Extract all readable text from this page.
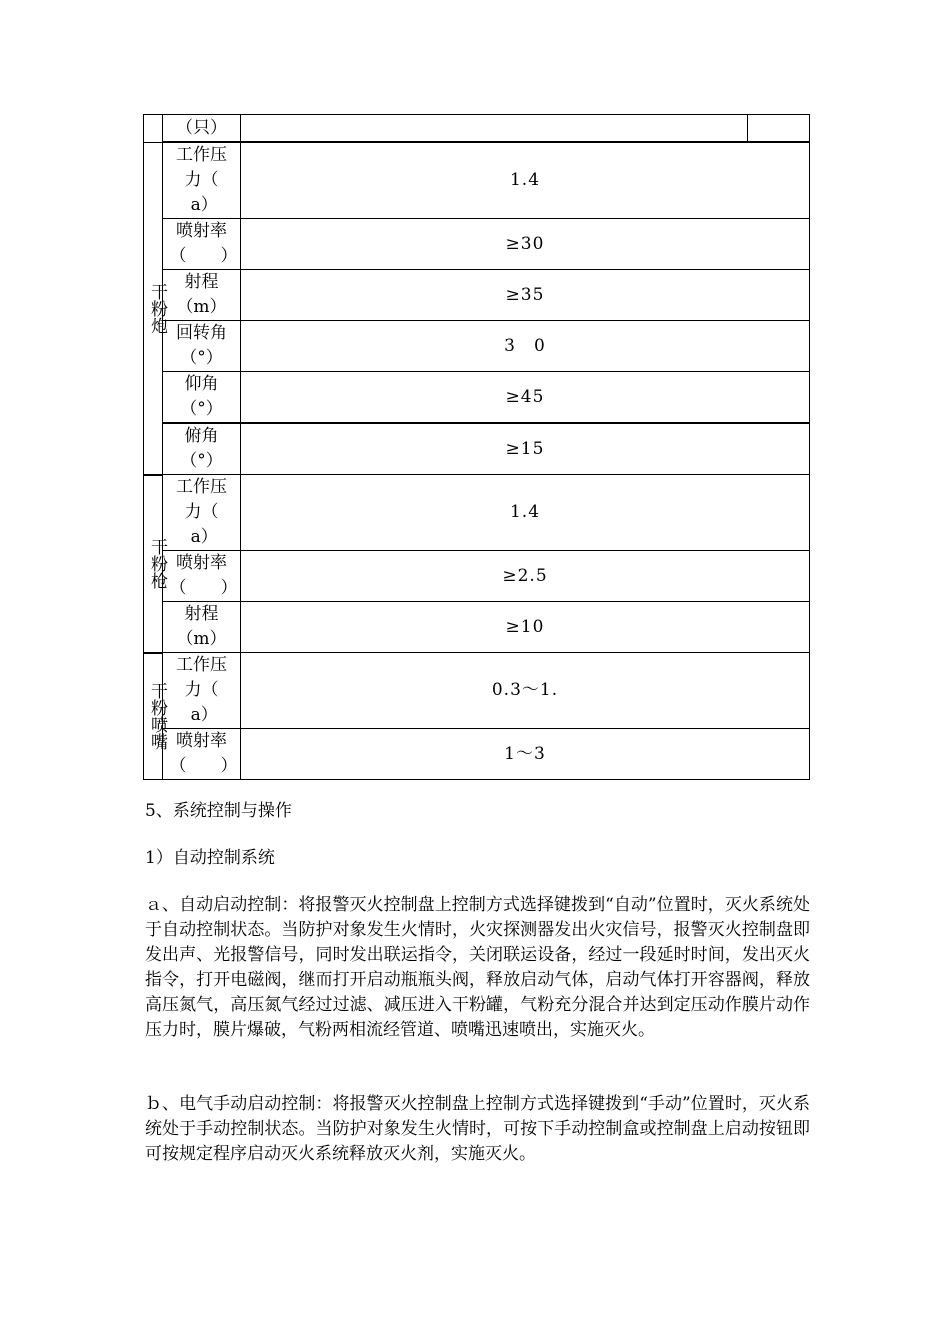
	（只）		

干粉炮	工作压
力（
a）	1.4	

	喷射率
（　　）	≥30	

	射程
（m）	≥35	

	回转角
（°）	3　0	

	仰角
（°）	≥45	

	俯角
（°）	≥15	

干粉枪	工作压
力（
a）	1.4	

	喷射率
（　　）	≥2.5	

	射程
（m）	≥10	

干粉喷嘴	工作压
力（
a）	0.3～1.	

	喷射率
（　　）	1～3	
5、系统控制与操作
1）自动控制系统
ａ、自动启动控制：将报警灭火控制盘上控制方式选择键拨到“自动”位置时，灭火系统处于自动控制状态。当防护对象发生火情时，火灾探测器发出火灾信号，报警灭火控制盘即发出声、光报警信号，同时发出联运指令，关闭联运设备，经过一段延时时间，发出灭火指令，打开电磁阀，继而打开启动瓶瓶头阀，释放启动气体，启动气体打开容器阀，释放高压氮气，高压氮气经过过滤、减压进入干粉罐，气粉充分混合并达到定压动作膜片动作压力时，膜片爆破，气粉两相流经管道、喷嘴迅速喷出，实施灭火。
ｂ、电气手动启动控制：将报警灭火控制盘上控制方式选择键拨到“手动”位置时，灭火系统处于手动控制状态。当防护对象发生火情时，可按下手动控制盒或控制盘上启动按钮即可按规定程序启动灭火系统释放灭火剂，实施灭火。
